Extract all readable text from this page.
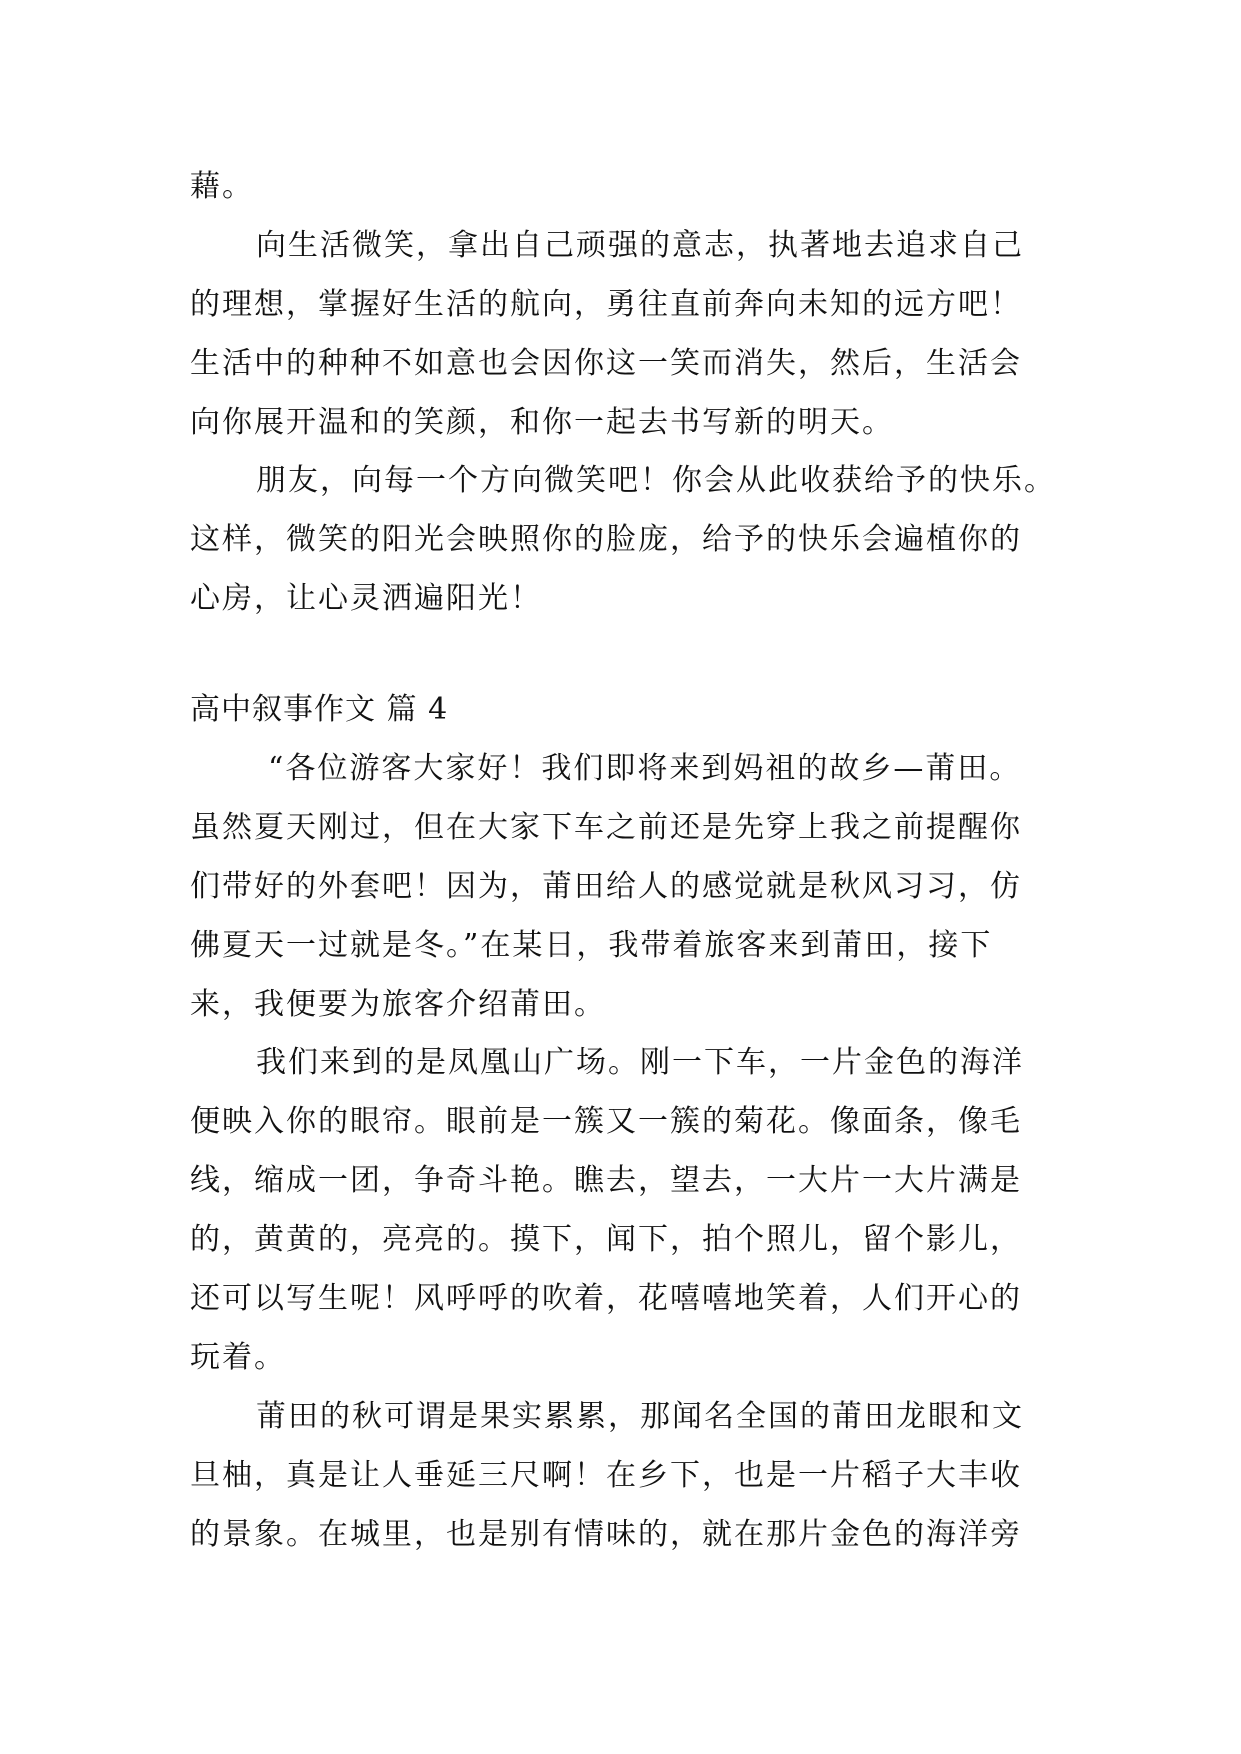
藉。
向生活微笑，拿出自己顽强的意志，执著地去追求自己
的理想，掌握好生活的航向，勇往直前奔向未知的远方吧！
生活中的种种不如意也会因你这一笑而消失，然后，生活会
向你展开温和的笑颜，和你一起去书写新的明天。
朋友，向每一个方向微笑吧！你会从此收获给予的快乐。
这样，微笑的阳光会映照你的脸庞，给予的快乐会遍植你的
心房，让心灵洒遍阳光！
高中叙事作文 篇 4
“各位游客大家好！我们即将来到妈祖的故乡—莆田。
虽然夏天刚过，但在大家下车之前还是先穿上我之前提醒你
们带好的外套吧！因为，莆田给人的感觉就是秋风习习，仿
佛夏天一过就是冬。”在某日，我带着旅客来到莆田，接下
来，我便要为旅客介绍莆田。
我们来到的是凤凰山广场。刚一下车，一片金色的海洋
便映入你的眼帘。眼前是一簇又一簇的菊花。像面条，像毛
线，缩成一团，争奇斗艳。瞧去，望去，一大片一大片满是
的，黄黄的，亮亮的。摸下，闻下，拍个照儿，留个影儿，
还可以写生呢！风呼呼的吹着，花嘻嘻地笑着，人们开心的
玩着。
莆田的秋可谓是果实累累，那闻名全国的莆田龙眼和文
旦柚，真是让人垂延三尺啊！在乡下，也是一片稻子大丰收
的景象。在城里，也是别有情味的，就在那片金色的海洋旁
